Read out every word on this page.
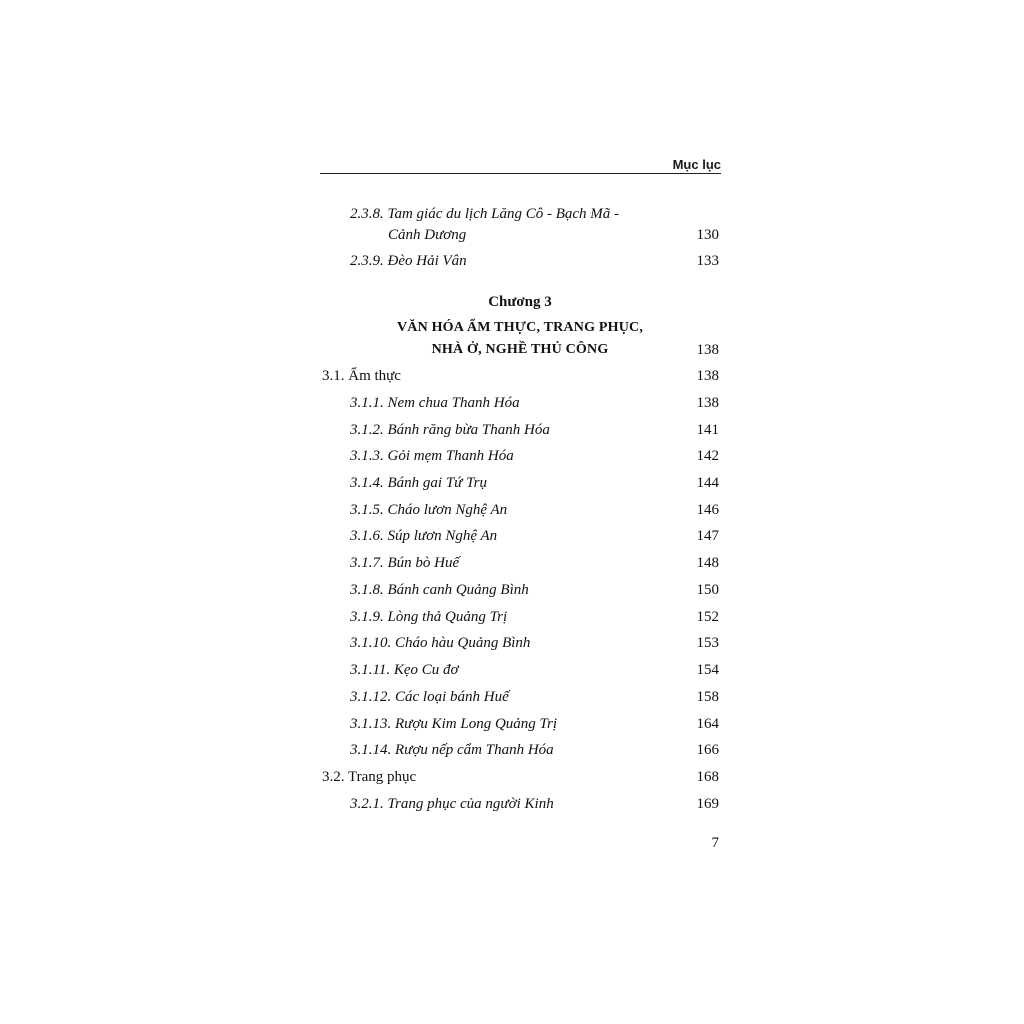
Mục lục
2.3.8. Tam giác du lịch Lăng Cô - Bạch Mã -
Cảnh Dương	130
2.3.9. Đèo Hải Vân	133
Chương 3
VĂN HÓA ẨM THỰC, TRANG PHỤC,
NHÀ Ở, NGHỀ THỦ CÔNG	138
3.1. Ẩm thực	138
3.1.1. Nem chua Thanh Hóa	138
3.1.2. Bánh răng bừa Thanh Hóa	141
3.1.3. Gỏi mẹm Thanh Hóa	142
3.1.4. Bánh gai Tứ Trụ	144
3.1.5. Cháo lươn Nghệ An	146
3.1.6. Súp lươn Nghệ An	147
3.1.7. Bún bò Huế	148
3.1.8. Bánh canh Quảng Bình	150
3.1.9. Lòng thả Quảng Trị	152
3.1.10. Cháo hàu Quảng Bình	153
3.1.11. Kẹo Cu đơ	154
3.1.12. Các loại bánh Huế	158
3.1.13. Rượu Kim Long Quảng Trị	164
3.1.14. Rượu nếp cẩm Thanh Hóa	166
3.2. Trang phục	168
3.2.1. Trang phục của người Kinh	169
7
